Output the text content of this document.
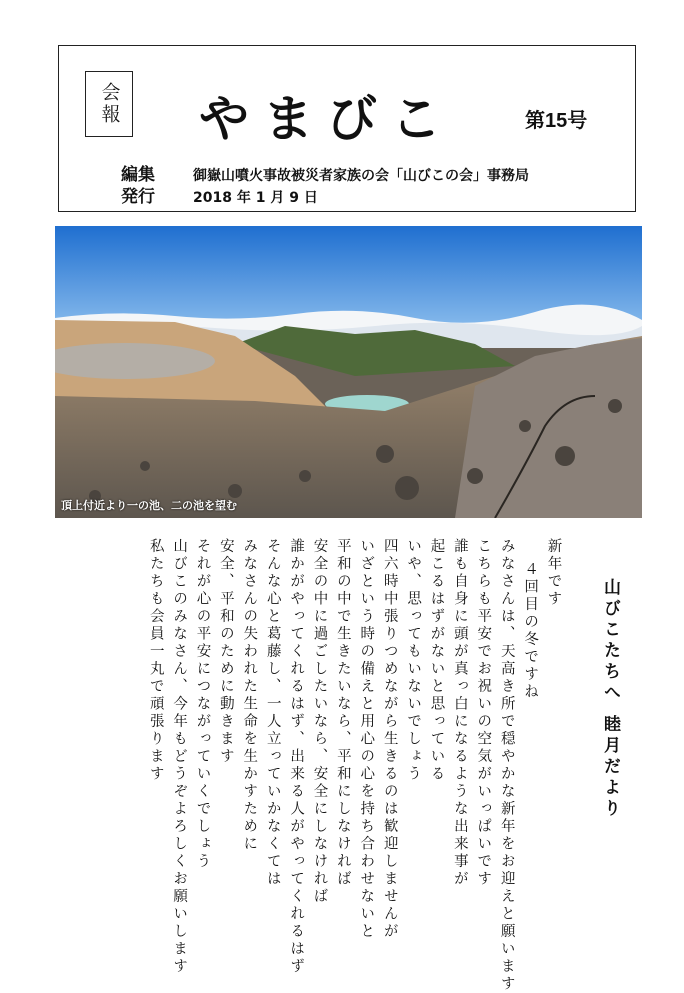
会報 やまびこ	第15号
編集	御嶽山噴火事故被災者家族の会「山びこの会」事務局
発行	2018 年 1 月 9 日
頂上付近より一の池、二の池を望む
新年です
４回目の冬ですね
みなさんは、天高き所で穏やかな新年をお迎えと願います
こちらも平安でお祝いの空気がいっぱいです
誰も自身に頭が真っ白になるような出来事が
起こるはずがないと思っている
いや、思ってもいないでしょう
四六時中張りつめながら生きるのは歓迎しませんが
いざという時の備えと用心の心を持ち合わせないと
平和の中で生きたいなら、平和にしなければ
安全の中に過ごしたいなら、安全にしなければ
誰かがやってくれるはず、出来る人がやってくれるはず
そんな心と葛藤し、一人立っていかなくては
みなさんの失われた生命を生かすために
安全、平和のために動きます
それが心の平安につながっていくでしょう
山びこのみなさん、今年もどうぞよろしくお願いします
私たちも会員一丸で頑張ります	山びこたちへ
睦月だより
